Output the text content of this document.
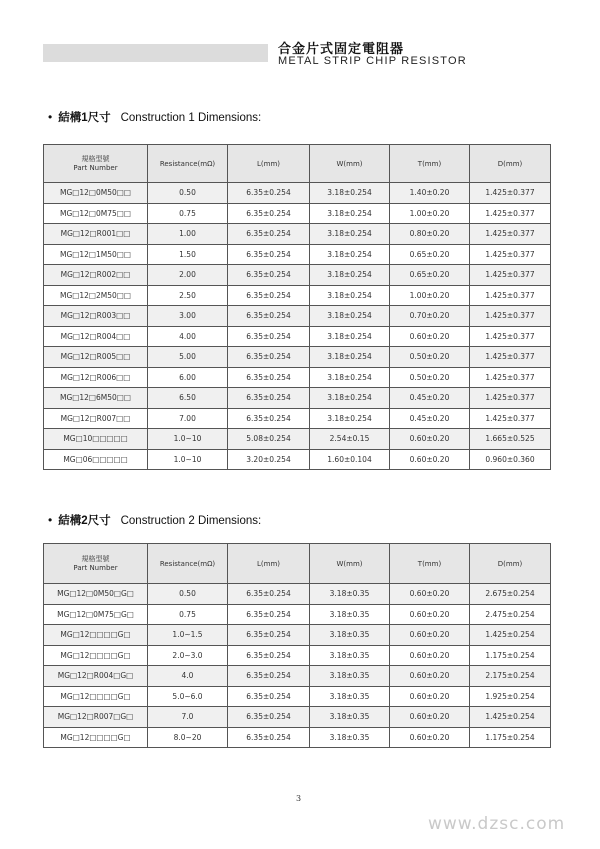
合金片式固定電阻器
METAL STRIP CHIP RESISTOR
• 結構1尺寸 Construction 1 Dimensions:
規格型號
Part Number	Resistance(mΩ)	L(mm)	W(mm)	T(mm)	D(mm)
MG□12□0M50□□	0.50	6.35±0.254	3.18±0.254	1.40±0.20	1.425±0.377
MG□12□0M75□□	0.75	6.35±0.254	3.18±0.254	1.00±0.20	1.425±0.377
MG□12□R001□□	1.00	6.35±0.254	3.18±0.254	0.80±0.20	1.425±0.377
MG□12□1M50□□	1.50	6.35±0.254	3.18±0.254	0.65±0.20	1.425±0.377
MG□12□R002□□	2.00	6.35±0.254	3.18±0.254	0.65±0.20	1.425±0.377
MG□12□2M50□□	2.50	6.35±0.254	3.18±0.254	1.00±0.20	1.425±0.377
MG□12□R003□□	3.00	6.35±0.254	3.18±0.254	0.70±0.20	1.425±0.377
MG□12□R004□□	4.00	6.35±0.254	3.18±0.254	0.60±0.20	1.425±0.377
MG□12□R005□□	5.00	6.35±0.254	3.18±0.254	0.50±0.20	1.425±0.377
MG□12□R006□□	6.00	6.35±0.254	3.18±0.254	0.50±0.20	1.425±0.377
MG□12□6M50□□	6.50	6.35±0.254	3.18±0.254	0.45±0.20	1.425±0.377
MG□12□R007□□	7.00	6.35±0.254	3.18±0.254	0.45±0.20	1.425±0.377
MG□10□□□□□	1.0~10	5.08±0.254	2.54±0.15	0.60±0.20	1.665±0.525
MG□06□□□□□	1.0~10	3.20±0.254	1.60±0.104	0.60±0.20	0.960±0.360
• 結構2尺寸 Construction 2 Dimensions:
規格型號
Part Number	Resistance(mΩ)	L(mm)	W(mm)	T(mm)	D(mm)
MG□12□0M50□G□	0.50	6.35±0.254	3.18±0.35	0.60±0.20	2.675±0.254
MG□12□0M75□G□	0.75	6.35±0.254	3.18±0.35	0.60±0.20	2.475±0.254
MG□12□□□□G□	1.0~1.5	6.35±0.254	3.18±0.35	0.60±0.20	1.425±0.254
MG□12□□□□G□	2.0~3.0	6.35±0.254	3.18±0.35	0.60±0.20	1.175±0.254
MG□12□R004□G□	4.0	6.35±0.254	3.18±0.35	0.60±0.20	2.175±0.254
MG□12□□□□G□	5.0~6.0	6.35±0.254	3.18±0.35	0.60±0.20	1.925±0.254
MG□12□R007□G□	7.0	6.35±0.254	3.18±0.35	0.60±0.20	1.425±0.254
MG□12□□□□G□	8.0~20	6.35±0.254	3.18±0.35	0.60±0.20	1.175±0.254
3
www.dzsc.com
